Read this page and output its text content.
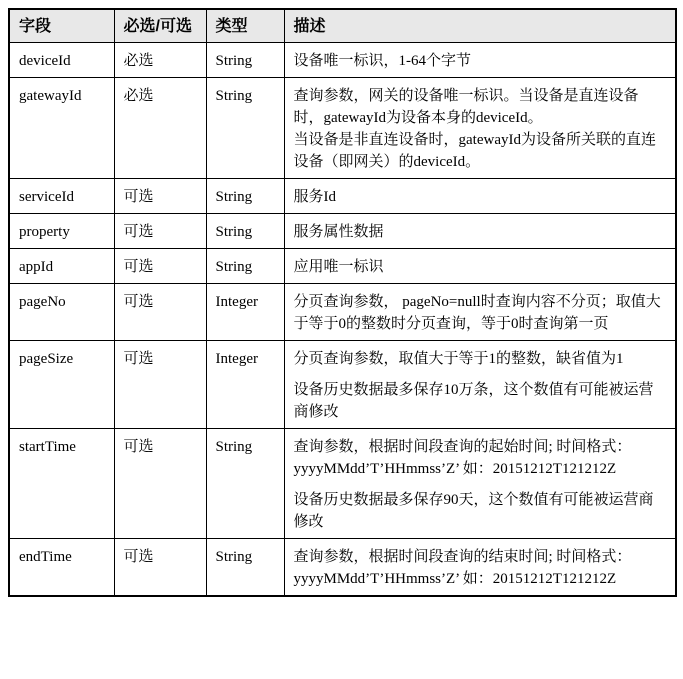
字段	必选/可选	类型	描述
deviceId	必选	String	设备唯一标识，1-64个字节

gatewayId	必选	String	查询参数，网关的设备唯一标识。当设备是直连设备时，gatewayId为设备本身的deviceId。
当设备是非直连设备时，gatewayId为设备所关联的直连设备（即网关）的deviceId。

serviceId	可选	String	服务Id

property	可选	String	服务属性数据

appId	可选	String	应用唯一标识

pageNo	可选	Integer	分页查询参数， pageNo=null时查询内容不分页；取值大于等于0的整数时分页查询，等于0时查询第一页

pageSize	可选	Integer	分页查询参数，取值大于等于1的整数，缺省值为1

设备历史数据最多保存10万条，这个数值有可能被运营商修改

startTime	可选	String	查询参数，根据时间段查询的起始时间; 时间格式：yyyyMMdd’T’HHmmss’Z’ 如：20151212T121212Z

设备历史数据最多保存90天，这个数值有可能被运营商修改

endTime	可选	String	查询参数，根据时间段查询的结束时间; 时间格式：yyyyMMdd’T’HHmmss’Z’ 如：20151212T121212Z
